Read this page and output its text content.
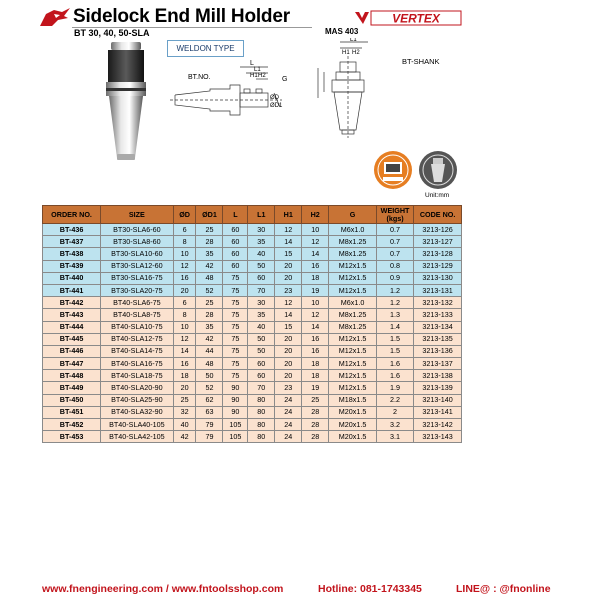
Sidelock End Mill Holder
BT 30, 40, 50-SLA
VERTEX
MAS 403
WELDON TYPE
BT.NO.
L
L1
H2
H1	G
ØD
ØD1
L1
H2
H1
BT-SHANK
Unit:mm
ORDER NO.	SIZE	ØD	ØD1	L	L1	H1	H2	G	WEIGHT (kgs)	CODE NO.
BT-436	BT30-SLA6-60	6	25	60	30	12	10	M6x1.0	0.7	3213-126
BT-437	BT30-SLA8-60	8	28	60	35	14	12	M8x1.25	0.7	3213-127
BT-438	BT30-SLA10-60	10	35	60	40	15	14	M8x1.25	0.7	3213-128
BT-439	BT30-SLA12-60	12	42	60	50	20	16	M12x1.5	0.8	3213-129
BT-440	BT30-SLA16-75	16	48	75	60	20	18	M12x1.5	0.9	3213-130
BT-441	BT30-SLA20-75	20	52	75	70	23	19	M12x1.5	1.2	3213-131
BT-442	BT40-SLA6-75	6	25	75	30	12	10	M6x1.0	1.2	3213-132
BT-443	BT40-SLA8-75	8	28	75	35	14	12	M8x1.25	1.3	3213-133
BT-444	BT40-SLA10-75	10	35	75	40	15	14	M8x1.25	1.4	3213-134
BT-445	BT40-SLA12-75	12	42	75	50	20	16	M12x1.5	1.5	3213-135
BT-446	BT40-SLA14-75	14	44	75	50	20	16	M12x1.5	1.5	3213-136
BT-447	BT40-SLA16-75	16	48	75	60	20	18	M12x1.5	1.6	3213-137
BT-448	BT40-SLA18-75	18	50	75	60	20	18	M12x1.5	1.6	3213-138
BT-449	BT40-SLA20-90	20	52	90	70	23	19	M12x1.5	1.9	3213-139
BT-450	BT40-SLA25-90	25	62	90	80	24	25	M18x1.5	2.2	3213-140
BT-451	BT40-SLA32-90	32	63	90	80	24	28	M20x1.5	2	3213-141
BT-452	BT40-SLA40-105	40	79	105	80	24	28	M20x1.5	3.2	3213-142
BT-453	BT40-SLA42-105	42	79	105	80	24	28	M20x1.5	3.1	3213-143
www.fnengineering.com / www.fntoolsshop.com	Hotline: 081-1743345	LINE@ : @fnonline
